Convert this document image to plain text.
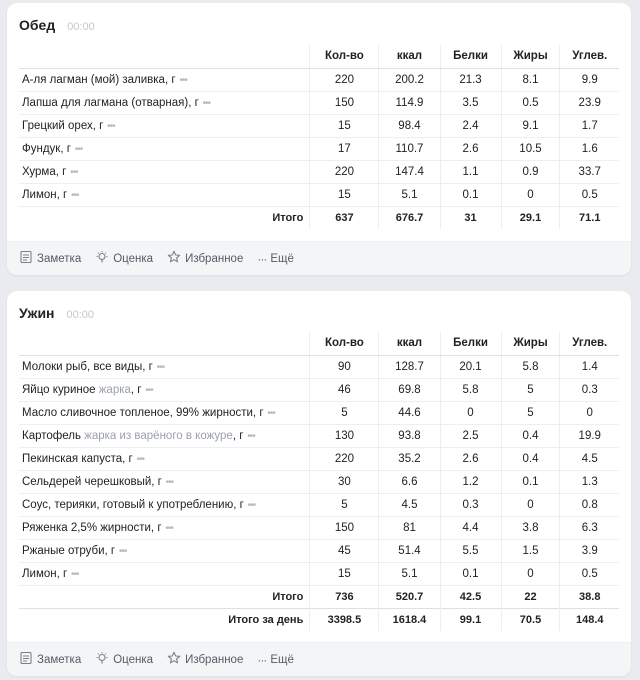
Обед 00:00
	Кол-во	ккал	Белки	Жиры	Углев.
А-ля лагман (мой) заливка, г •••	220	200.2	21.3	8.1	9.9
Лапша для лагмана (отварная), г •••	150	114.9	3.5	0.5	23.9
Грецкий орех, г •••	15	98.4	2.4	9.1	1.7
Фундук, г •••	17	110.7	2.6	10.5	1.6
Хурма, г •••	220	147.4	1.1	0.9	33.7
Лимон, г •••	15	5.1	0.1	0	0.5
Итого	637	676.7	31	29.1	71.1
Заметка	Оценка	Избранное ··· Ещё
Ужин 00:00
	Кол-во	ккал	Белки	Жиры	Углев.
Молоки рыб, все виды, г •••	90	128.7	20.1	5.8	1.4
Яйцо куриное жарка, г •••	46	69.8	5.8	5	0.3
Масло сливочное топленое, 99% жирности, г •••	5	44.6	0	5	0
Картофель жарка из варёного в кожуре, г •••	130	93.8	2.5	0.4	19.9
Пекинская капуста, г •••	220	35.2	2.6	0.4	4.5
Сельдерей черешковый, г •••	30	6.6	1.2	0.1	1.3
Соус, терияки, готовый к употреблению, г •••	5	4.5	0.3	0	0.8
Ряженка 2,5% жирности, г •••	150	81	4.4	3.8	6.3
Ржаные отруби, г •••	45	51.4	5.5	1.5	3.9
Лимон, г •••	15	5.1	0.1	0	0.5
Итого	736	520.7	42.5	22	38.8
Итого за день	3398.5	1618.4	99.1	70.5	148.4
Заметка	Оценка	Избранное ··· Ещё
